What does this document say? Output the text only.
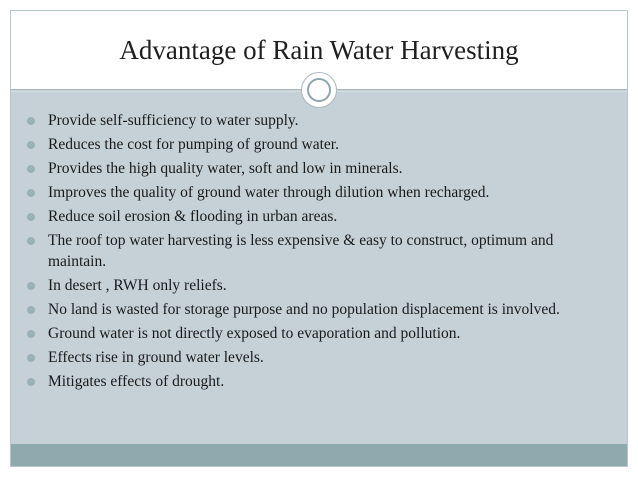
Advantage of Rain Water Harvesting
Provide self-sufficiency to water supply.
Reduces the cost for pumping of ground water.
Provides the high quality water, soft and low in minerals.
Improves the quality of ground water through dilution when recharged.
Reduce soil erosion & flooding in urban areas.
The roof top water harvesting is less expensive & easy to construct, optimum and maintain.
In desert , RWH only reliefs.
No land is wasted for storage purpose and no population displacement is involved.
Ground water is not directly exposed to evaporation and pollution.
Effects rise in ground water levels.
Mitigates effects of drought.
